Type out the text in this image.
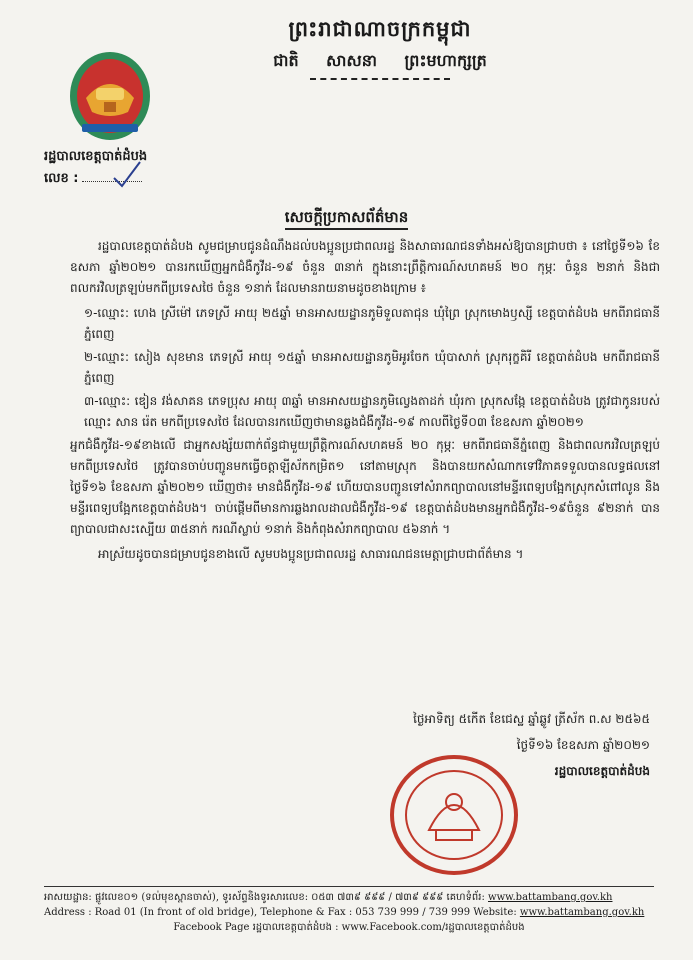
ព្រះរាជាណាចក្រកម្ពុជា
ជាតិ សាសនា ព្រះមហាក្សត្រ
រដ្ឋបាលខេត្តបាត់ដំបង
លេខ :
សេចក្តីប្រកាសព័ត៌មាន

រដ្ឋបាលខេត្តបាត់ដំបង សូមជម្រាបជូនដំណឹងដល់បងប្អូនប្រជាពលរដ្ឋ និងសាធារណជនទាំងអស់ឱ្យបានជ្រាបថា ៖ នៅថ្ងៃទី១៦ ខែឧសភា ឆ្នាំ២០២១ បានរកឃើញអ្នកជំងឺកូវីដ-១៩ ចំនួន ៣នាក់ ក្នុងនោះព្រឹត្តិការណ៍សហគមន៍ ២០ កុម្ភៈ ចំនួន ២នាក់ និងជាពលករវិលត្រឡប់មកពីប្រទេសថៃ ចំនួន ១នាក់ ដែលមានរាយនាមដូចខាងក្រោម ៖

១-ឈ្មោះ: ហេង ស្រីម៉ៅ ភេទស្រី អាយុ ២៥ឆ្នាំ មានអាសយដ្ឋានភូមិទួលតាជុន ឃុំព្រៃ ស្រុកមោងឫស្សី ខេត្តបាត់ដំបង មកពីរាជធានីភ្នំពេញ

២-ឈ្មោះ: សៀង សុខមាន ភេទស្រី អាយុ ១៥ឆ្នាំ មានអាសយដ្ឋានភូមិអូរចែក ឃុំបាសាក់ ស្រុករុក្ខគិរី ខេត្តបាត់ដំបង មកពីរាជធានីភ្នំពេញ

៣-ឈ្មោះ: ឌៀន វង់សាគន ភេទប្រុស អាយុ ៣ឆ្នាំ មានអាសយដ្ឋានភូមិល្វេងតាដក់ ឃុំរកា ស្រុកសង្កែ ខេត្តបាត់ដំបង ត្រូវជាកូនរបស់ឈ្មោះ សាន រ៉េត មកពីប្រទេសថៃ ដែលបានរកឃើញថាមានឆ្លងជំងឺកូវីដ-១៩ កាលពីថ្ងៃទី០៣ ខែឧសភា ឆ្នាំ២០២១

អ្នកជំងឺកូវីដ-១៩ខាងលើ ជាអ្នកសង្ស័យពាក់ព័ន្ធជាមួយព្រឹត្តិការណ៍សហគមន៍ ២០ កុម្ភៈ មកពីរាជធានីភ្នំពេញ និងជាពលករវិលត្រឡប់មកពីប្រទេសថៃ ត្រូវបានចាប់បញ្ជូនមកធ្វើចត្តាឡីស័កកម្រិត១ នៅតាមស្រុក និងបានយកសំណាកទៅវិភាគទទួលបានលទ្ធផលនៅថ្ងៃទី១៦ ខែឧសភា ឆ្នាំ២០២១ ឃើញថា៖ មានជំងឺកូវីដ-១៩ ហើយបានបញ្ជូនទៅសំរាកព្យាបាលនៅមន្ទីរពេទ្យបង្អែកស្រុកសំពៅលូន និងមន្ទីរពេទ្យបង្អែកខេត្តបាត់ដំបង។ ចាប់ផ្តើមពីមានការឆ្លងរាលដាលជំងឺកូវីដ-១៩ ខេត្តបាត់ដំបងមានអ្នកជំងឺកូវីដ-១៩ចំនួន ៩២នាក់ បានព្យាបាលជាសះស្បើយ ៣៥នាក់ ករណីស្លាប់ ១នាក់ និងកំពុងសំរាកព្យាបាល ៥៦នាក់ ។

អាស្រ័យដូចបានជម្រាបជូនខាងលើ សូមបងប្អូនប្រជាពលរដ្ឋ សាធារណជនមេត្តាជ្រាបជាព័ត៌មាន ។

ថ្ងៃអាទិត្យ ៥កើត ខែជេស្ឋ ឆ្នាំឆ្លូវ ត្រីស័ក ព.ស ២៥៦៥
ថ្ងៃទី១៦ ខែឧសភា ឆ្នាំ២០២១
រដ្ឋបាលខេត្តបាត់ដំបង
អាសយដ្ឋាន: ផ្លូវលេខ០១ (ទល់មុខស្ពានចាស់), ទូរស័ព្ទនិងទូរសារលេខ: ០៥៣ ៧៣៩ ៩៩៩ / ៧៣៩ ៩៩៩ គេហទំព័រ: www.battambang.gov.kh
Address : Road 01 (In front of old bridge), Telephone & Fax : 053 739 999 / 739 999 Website: www.battambang.gov.kh
Facebook Page រដ្ឋបាលខេត្តបាត់ដំបង : www.Facebook.com/រដ្ឋបាលខេត្តបាត់ដំបង
